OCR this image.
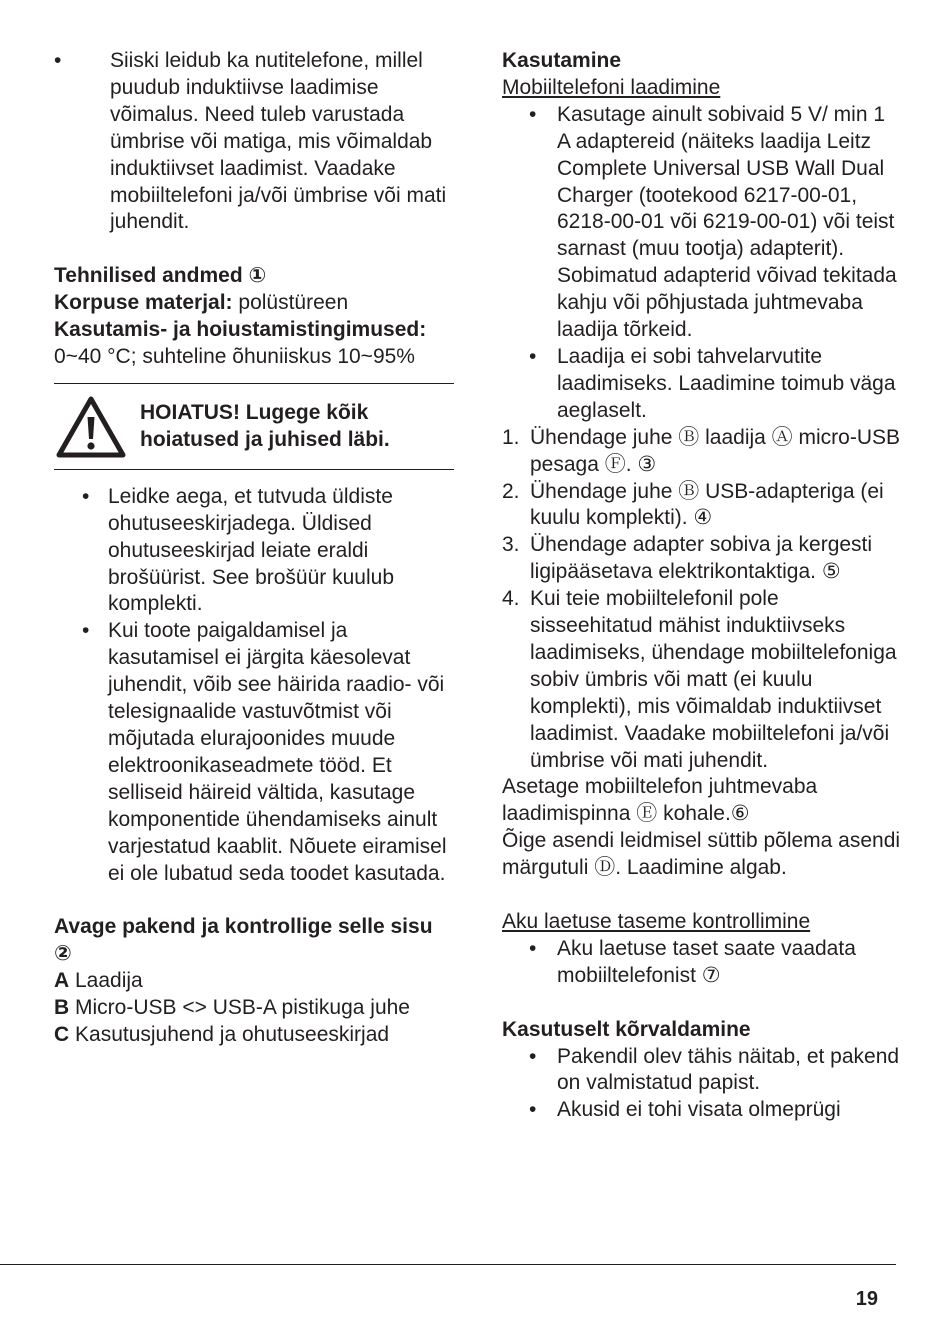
• Siiski leidub ka nutitelefone, millel puudub induktiivse laadimise võimalus. Need tuleb varustada ümbrise või matiga, mis võimaldab induktiivset laadimist. Vaadake mobiiltelefoni ja/või ümbrise või mati juhendit.

Tehnilised andmed ①

Korpuse materjal: polüstüreen

Kasutamis- ja hoiustamistingimused: 0~40 °C; suhteline õhuniiskus 10~95%

HOIATUS! Lugege kõik hoiatused ja juhised läbi.
• Leidke aega, et tutvuda üldiste ohutuseeskirjadega. Üldised ohutuseeskirjad leiate eraldi brošüürist. See brošüür kuulub komplekti.
• Kui toote paigaldamisel ja kasutamisel ei järgita käesolevat juhendit, võib see häirida raadio- või telesignaalide vastuvõtmist või mõjutada elurajoonides muude elektroonikaseadmete tööd. Et selliseid häireid vältida, kasutage komponentide ühendamiseks ainult varjestatud kaablit. Nõuete eiramisel ei ole lubatud seda toodet kasutada.

Avage pakend ja kontrollige selle sisu ②

A Laadija

B Micro-USB <> USB-A pistikuga juhe

C Kasutusjuhend ja ohutuseeskirjad

Kasutamine

Mobiiltelefoni laadimine

• Kasutage ainult sobivaid 5 V/ min 1 A adaptereid (näiteks laadija Leitz Complete Universal USB Wall Dual Charger (tootekood 6217-00-01, 6218-00-01 või 6219-00-01) või teist sarnast (muu tootja) adapterit). Sobimatud adapterid võivad tekitada kahju või põhjustada juhtmevaba laadija tõrkeid.
• Laadija ei sobi tahvelarvutite laadimiseks. Laadimine toimub väga aeglaselt.
1. Ühendage juhe Ⓑ laadija Ⓐ micro-USB pesaga Ⓕ. ③
2. Ühendage juhe Ⓑ USB-adapteriga (ei kuulu komplekti). ④
3. Ühendage adapter sobiva ja kergesti ligipääsetava elektrikontaktiga. ⑤
4. Kui teie mobiiltelefonil pole sisseehitatud mähist induktiivseks laadimiseks, ühendage mobiiltelefoniga sobiv ümbris või matt (ei kuulu komplekti), mis võimaldab induktiivset laadimist. Vaadake mobiiltelefoni ja/või ümbrise või mati juhendit.

Asetage mobiiltelefon juhtmevaba laadimispinna Ⓔ kohale.⑥

Õige asendi leidmisel süttib põlema asendi märgutuli Ⓓ. Laadimine algab.

Aku laetuse taseme kontrollimine

• Aku laetuse taset saate vaadata mobiiltelefonist ⑦

Kasutuselt kõrvaldamine

• Pakendil olev tähis näitab, et pakend on valmistatud papist.
• Akusid ei tohi visata olmeprügi
19
